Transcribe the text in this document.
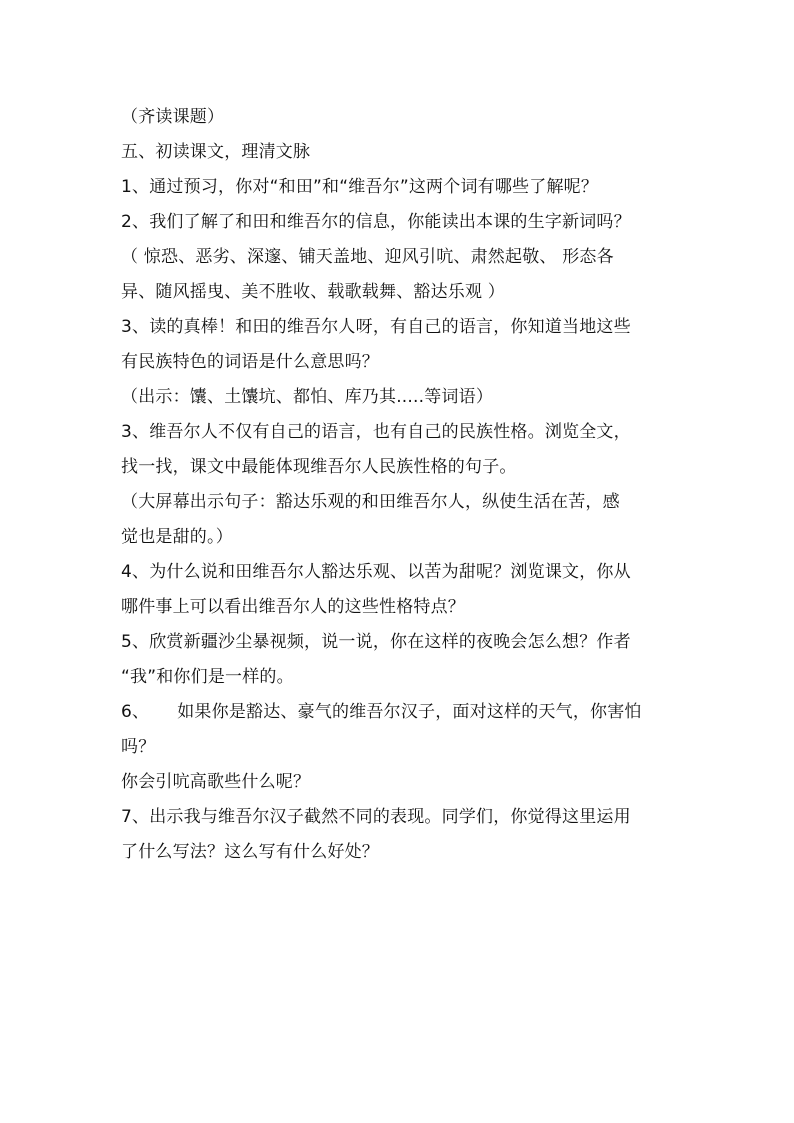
（齐读课题）
五、初读课文，理清文脉
1、通过预习，你对“和田”和“维吾尔”这两个词有哪些了解呢？
2、我们了解了和田和维吾尔的信息，你能读出本课的生字新词吗？
（ 惊恐、恶劣、深邃、铺天盖地、迎风引吭、肃然起敬、 形态各
异、随风摇曳、美不胜收、载歌载舞、豁达乐观 ）
3、读的真棒！和田的维吾尔人呀，有自己的语言，你知道当地这些
有民族特色的词语是什么意思吗？
（出示：馕、土馕坑、都怕、库乃其.....等词语）
3、维吾尔人不仅有自己的语言，也有自己的民族性格。浏览全文，
找一找，课文中最能体现维吾尔人民族性格的句子。
（大屏幕出示句子：豁达乐观的和田维吾尔人，纵使生活在苦，感
觉也是甜的。）
4、为什么说和田维吾尔人豁达乐观、以苦为甜呢？浏览课文，你从
哪件事上可以看出维吾尔人的这些性格特点？
5、欣赏新疆沙尘暴视频，说一说，你在这样的夜晚会怎么想？作者
“我”和你们是一样的。
6、     如果你是豁达、豪气的维吾尔汉子，面对这样的天气，你害怕
吗？
你会引吭高歌些什么呢？
7、出示我与维吾尔汉子截然不同的表现。同学们，你觉得这里运用
了什么写法？这么写有什么好处？
